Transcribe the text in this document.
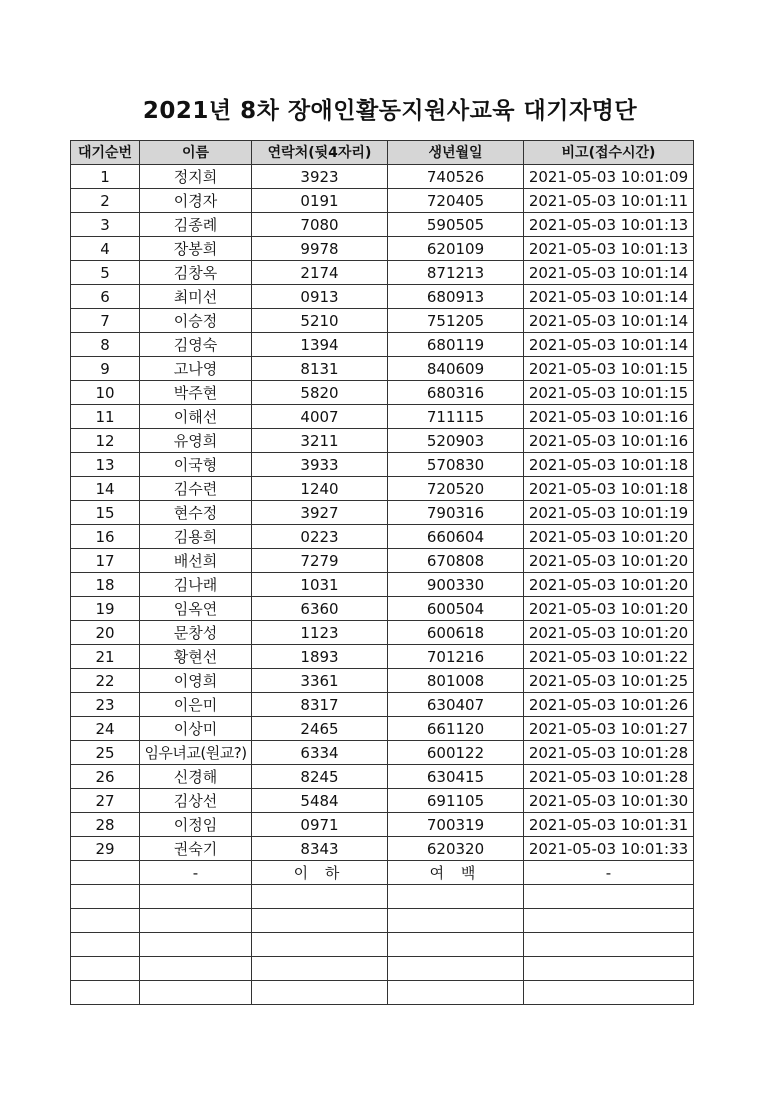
2021년 8차 장애인활동지원사교육 대기자명단
대기순번	이름	연락처(뒷4자리)	생년월일	비고(접수시간)
1	정지희	3923	740526	2021-05-03 10:01:09
2	이경자	0191	720405	2021-05-03 10:01:11
3	김종례	7080	590505	2021-05-03 10:01:13
4	장봉희	9978	620109	2021-05-03 10:01:13
5	김창옥	2174	871213	2021-05-03 10:01:14
6	최미선	0913	680913	2021-05-03 10:01:14
7	이승정	5210	751205	2021-05-03 10:01:14
8	김영숙	1394	680119	2021-05-03 10:01:14
9	고나영	8131	840609	2021-05-03 10:01:15
10	박주현	5820	680316	2021-05-03 10:01:15
11	이해선	4007	711115	2021-05-03 10:01:16
12	유영희	3211	520903	2021-05-03 10:01:16
13	이국형	3933	570830	2021-05-03 10:01:18
14	김수련	1240	720520	2021-05-03 10:01:18
15	현수정	3927	790316	2021-05-03 10:01:19
16	김용희	0223	660604	2021-05-03 10:01:20
17	배선희	7279	670808	2021-05-03 10:01:20
18	김나래	1031	900330	2021-05-03 10:01:20
19	임옥연	6360	600504	2021-05-03 10:01:20
20	문창성	1123	600618	2021-05-03 10:01:20
21	황현선	1893	701216	2021-05-03 10:01:22
22	이영희	3361	801008	2021-05-03 10:01:25
23	이은미	8317	630407	2021-05-03 10:01:26
24	이상미	2465	661120	2021-05-03 10:01:27
25	임우녀교(원교?)	6334	600122	2021-05-03 10:01:28
26	신경해	8245	630415	2021-05-03 10:01:28
27	김상선	5484	691105	2021-05-03 10:01:30
28	이정임	0971	700319	2021-05-03 10:01:31
29	권숙기	8343	620320	2021-05-03 10:01:33
	-	이 하	여 백	-
